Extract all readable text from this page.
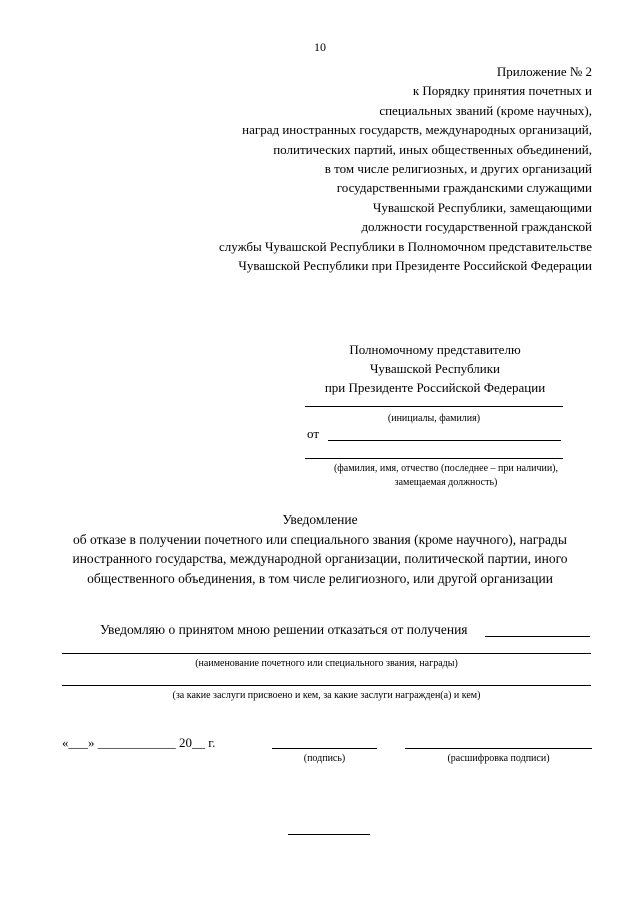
10
Приложение № 2
к Порядку принятия почетных и
специальных званий (кроме научных),
наград иностранных государств, международных организаций,
политических партий, иных общественных объединений,
в том числе религиозных, и других организаций
государственными гражданскими служащими
Чувашской Республики, замещающими
должности государственной гражданской
службы Чувашской Республики в Полномочном представительстве
Чувашской Республики при Президенте Российской Федерации
Полномочному представителю
Чувашской Республики
при Президенте Российской Федерации
(инициалы, фамилия)
от
(фамилия, имя, отчество (последнее – при наличии),
замещаемая должность)
Уведомление
об отказе в получении почетного или специального звания (кроме научного), награды
иностранного государства, международной организации, политической партии, иного
общественного объединения, в том числе религиозного, или другой организации
Уведомляю о принятом мною решении отказаться от получения
(наименование почетного или специального звания, награды)
(за какие заслуги присвоено и кем, за какие заслуги награжден(а) и кем)
«___» ____________ 20__ г.
(подпись)	(расшифровка подписи)
